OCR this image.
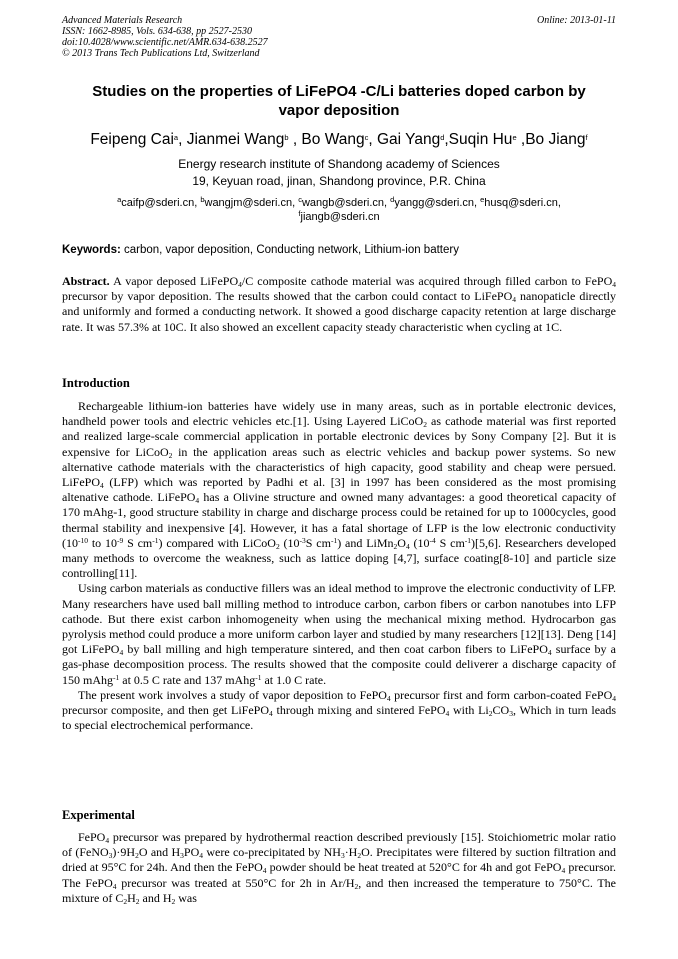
Advanced Materials Research
ISSN: 1662-8985, Vols. 634-638, pp 2527-2530
doi:10.4028/www.scientific.net/AMR.634-638.2527
© 2013 Trans Tech Publications Ltd, Switzerland
Online: 2013-01-11
Studies on the properties of LiFePO4 -C/Li batteries doped carbon by
vapor deposition
Feipeng Cai$^a$, Jianmei Wang$^b$ , Bo Wang$^c$, Gai Yang$^d$,Suqin Hu$^e$ ,Bo Jiang$^f$
Energy research institute of Shandong academy of Sciences
19, Keyuan road, jinan, Shandong province, P.R. China
$^a$caifp@sderi.cn, $^b$wangjm@sderi.cn, $^c$wangb@sderi.cn, $^d$yangg@sderi.cn, $^e$husq@sderi.cn,
$^f$jiangb@sderi.cn
Keywords: carbon, vapor deposition, Conducting network, Lithium-ion battery
Abstract. A vapor deposed LiFePO$_4$/C composite cathode material was acquired through filled carbon to FePO$_4$ precursor by vapor deposition. The results showed that the carbon could contact to LiFePO$_4$ nanopaticle directly and uniformly and formed a conducting network. It showed a good discharge capacity retention at large discharge rate. It was 57.3% at 10C. It also showed an excellent capacity steady characteristic when cycling at 1C.
Introduction

Rechargeable lithium-ion batteries have widely use in many areas, such as in portable electronic devices, handheld power tools and electric vehicles etc.[1]. Using Layered LiCoO$_2$ as cathode material was first reported and realized large-scale commercial application in portable electronic devices by Sony Company [2]. But it is expensive for LiCoO$_2$ in the application areas such as electric vehicles and backup power systems. So new alternative cathode materials with the characteristics of high capacity, good stability and cheap were persued. LiFePO$_4$ (LFP) which was reported by Padhi et al. [3] in 1997 has been considered as the most promising altenative cathode. LiFePO$_4$ has a Olivine structure and owned many advantages: a good theoretical capacity of 170 mAhg-1, good structure stability in charge and discharge process could be retained for up to 1000cycles, good thermal stability and inexpensive [4]. However, it has a fatal shortage of LFP is the low electronic conductivity ($10^{-10}$ to $10^{-9}$ S $cm^{-1}$) compared with LiCoO$_2$ ($10^{-3}S$ $cm^{-1}$) and $LiMn_2O_4$ ($10^{-4}$ S $cm^{-1})[5,6]$. Researchers developed many methods to overcome the weakness, such as lattice doping [4,7], surface coating[8-10] and particle size controlling[11].

Using carbon materials as conductive fillers was an ideal method to improve the electronic conductivity of LFP. Many researchers have used ball milling method to introduce carbon, carbon fibers or carbon nanotubes into LFP cathode. But there exist carbon inhomogeneity when using the mechanical mixing method. Hydrocarbon gas pyrolysis method could produce a more uniform carbon layer and studied by many researchers [12][13]. Deng [14] got LiFePO$_4$ by ball milling and high temperature sintered, and then coat carbon fibers to LiFePO$_4$ surface by a gas-phase decomposition process. The results showed that the composite could deliverer a discharge capacity of 150 mAhg$^{-1}$ at 0.5 C rate and 137 mAhg$^{-1}$ at 1.0 C rate.

The present work involves a study of vapor deposition to FePO$_4$ precursor first and form carbon-coated FePO$_4$ precursor composite, and then get LiFePO$_4$ through mixing and sintered FePO$_4$ with $Li_2CO_3$, Which in turn leads to special electrochemical performance.

Experimental

FePO$_4$ precursor was prepared by hydrothermal reaction described previously [15]. Stoichiometric molar ratio of $(FeNO_3)\cdot 9H_2O$ and $H_3PO_4$ were co-precipitated by $NH_3\cdot H_2O$. Precipitates were filtered by suction filtration and dried at 95°C for 24h. And then the FePO$_4$ powder should be heat treated at 520°C for 4h and got FePO$_4$ precursor. The FePO$_4$ precursor was treated at 550°C for 2h in $Ar/H_2$, and then increased the temperature to 750°C. The mixture of $C_2H_2$ and $H_2$ was
